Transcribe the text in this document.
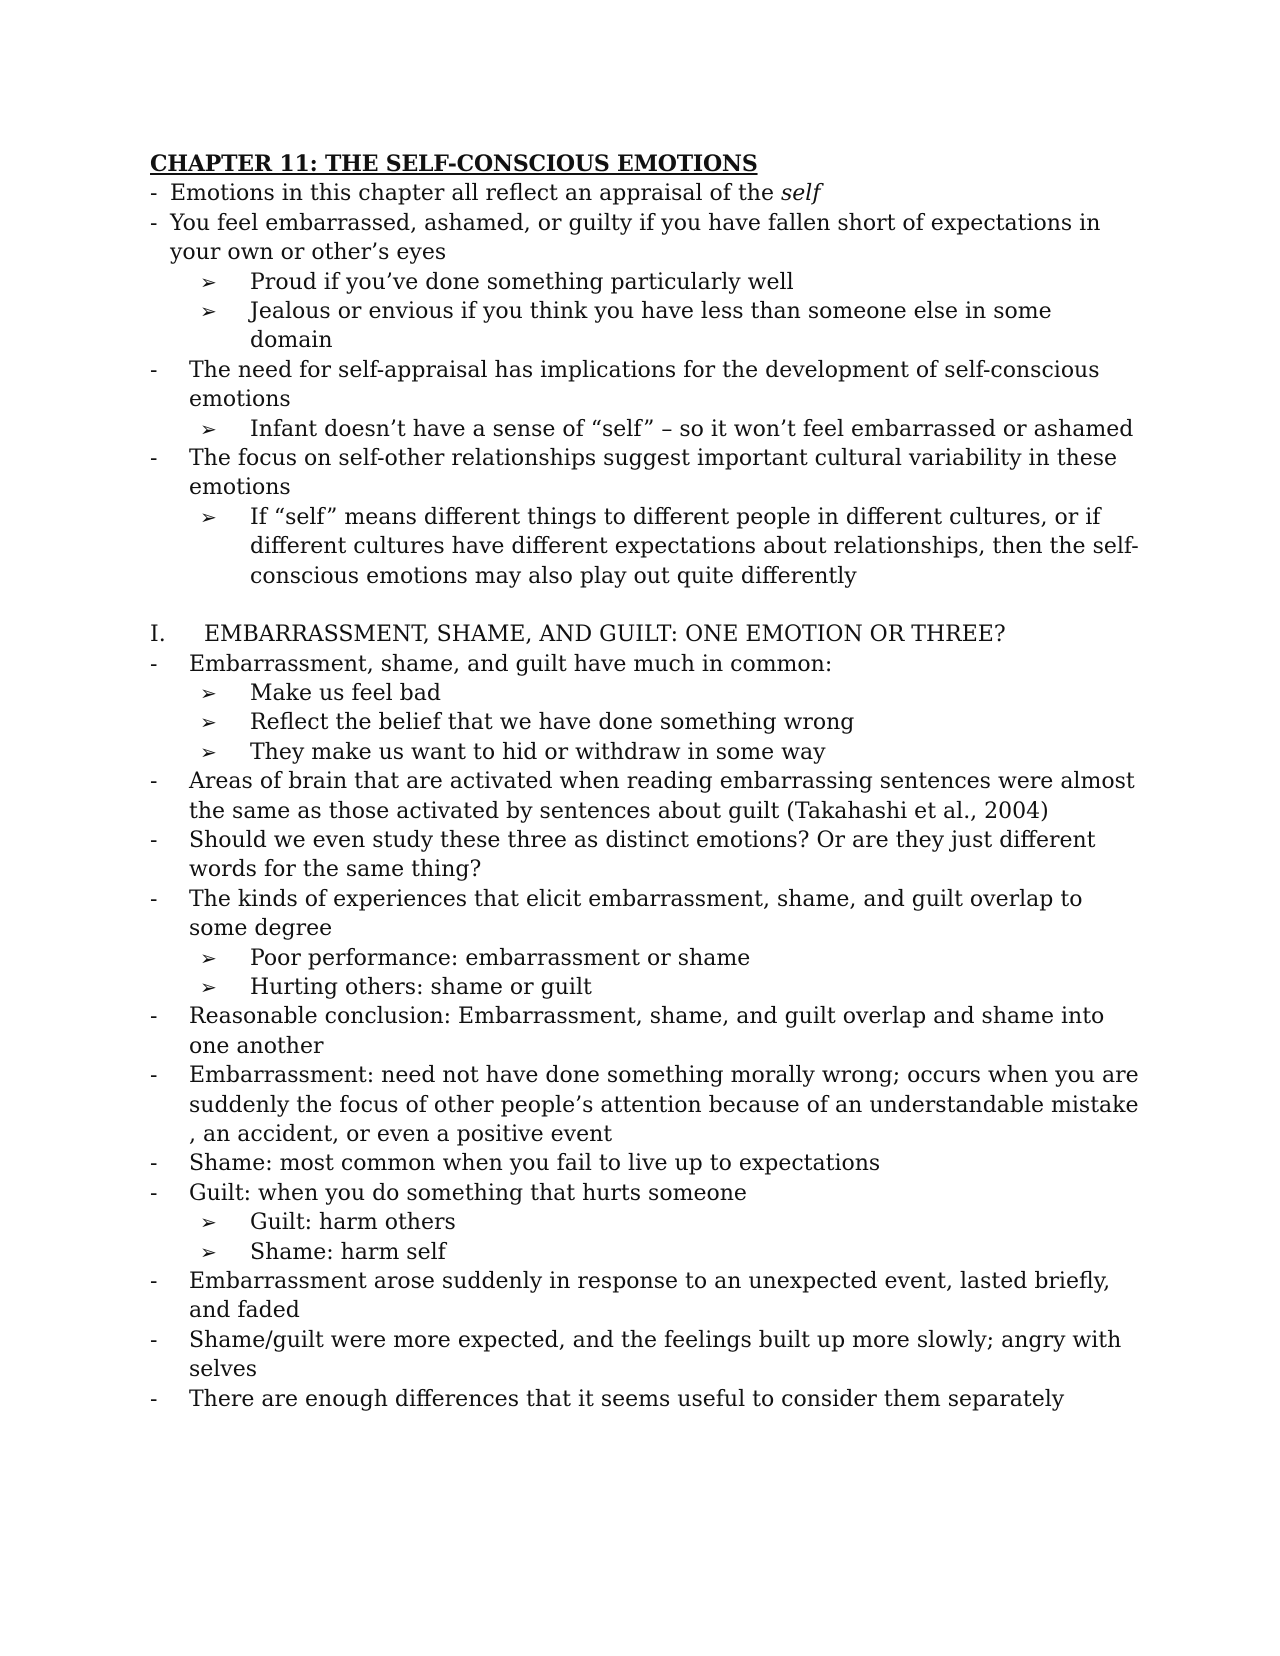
CHAPTER 11: THE SELF-CONSCIOUS EMOTIONS
- Emotions in this chapter all reflect an appraisal of the self
- You feel embarrassed, ashamed, or guilty if you have fallen short of expectations in your own or other’s eyes
➢	Proud if you’ve done something particularly well
➢	Jealous or envious if you think you have less than someone else in some domain
-	The need for self-appraisal has implications for the development of self-conscious emotions
➢	Infant doesn’t have a sense of “self” – so it won’t feel embarrassed or ashamed
-	The focus on self-other relationships suggest important cultural variability in these emotions
➢	If “self” means different things to different people in different cultures, or if different cultures have different expectations about relationships, then the self-conscious emotions may also play out quite differently
I.	EMBARRASSMENT, SHAME, AND GUILT: ONE EMOTION OR THREE?
-	Embarrassment, shame, and guilt have much in common:
➢	Make us feel bad
➢	Reflect the belief that we have done something wrong
➢	They make us want to hid or withdraw in some way
-	Areas of brain that are activated when reading embarrassing sentences were almost the same as those activated by sentences about guilt (Takahashi et al., 2004)
-	Should we even study these three as distinct emotions? Or are they just different words for the same thing?
-	The kinds of experiences that elicit embarrassment, shame, and guilt overlap to some degree
➢	Poor performance: embarrassment or shame
➢	Hurting others: shame or guilt
-	Reasonable conclusion: Embarrassment, shame, and guilt overlap and shame into one another
-	Embarrassment: need not have done something morally wrong; occurs when you are suddenly the focus of other people’s attention because of an understandable mistake , an accident, or even a positive event
-	Shame: most common when you fail to live up to expectations
-	Guilt: when you do something that hurts someone
➢	Guilt: harm others
➢	Shame: harm self
-	Embarrassment arose suddenly in response to an unexpected event, lasted briefly, and faded
-	Shame/guilt were more expected, and the feelings built up more slowly; angry with selves
-	There are enough differences that it seems useful to consider them separately
